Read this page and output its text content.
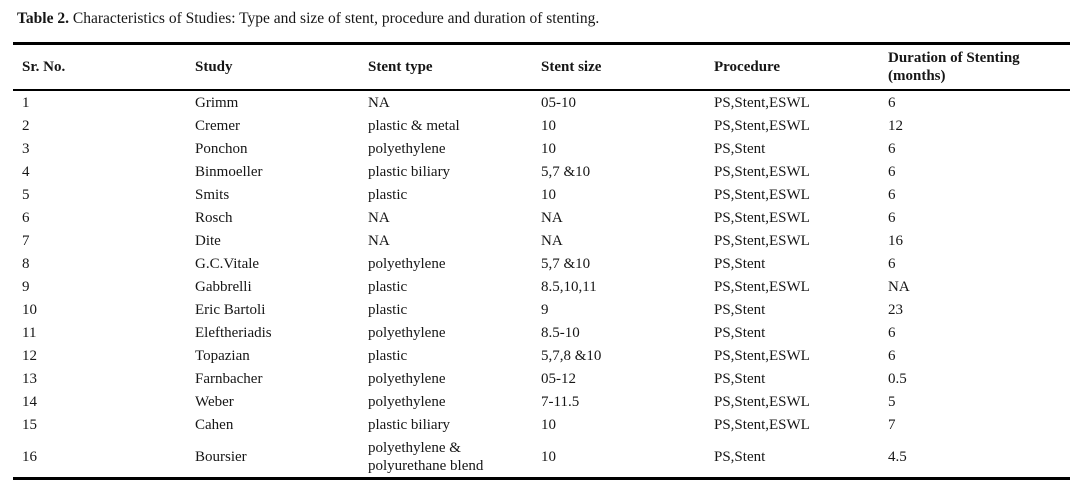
Table 2. Characteristics of Studies: Type and size of stent, procedure and duration of stenting.
Sr. No.	Study	Stent type	Stent size	Procedure	Duration of Stenting (months)
1	Grimm	NA	05-10	PS,Stent,ESWL	6
2	Cremer	plastic & metal	10	PS,Stent,ESWL	12
3	Ponchon	polyethylene	10	PS,Stent	6
4	Binmoeller	plastic biliary	5,7 &10	PS,Stent,ESWL	6
5	Smits	plastic	10	PS,Stent,ESWL	6
6	Rosch	NA	NA	PS,Stent,ESWL	6
7	Dite	NA	NA	PS,Stent,ESWL	16
8	G.C.Vitale	polyethylene	5,7 &10	PS,Stent	6
9	Gabbrelli	plastic	8.5,10,11	PS,Stent,ESWL	NA
10	Eric Bartoli	plastic	9	PS,Stent	23
11	Eleftheriadis	polyethylene	8.5-10	PS,Stent	6
12	Topazian	plastic	5,7,8 &10	PS,Stent,ESWL	6
13	Farnbacher	polyethylene	05-12	PS,Stent	0.5
14	Weber	polyethylene	7-11.5	PS,Stent,ESWL	5
15	Cahen	plastic biliary	10	PS,Stent,ESWL	7
16	Boursier	polyethylene & polyurethane blend	10	PS,Stent	4.5
